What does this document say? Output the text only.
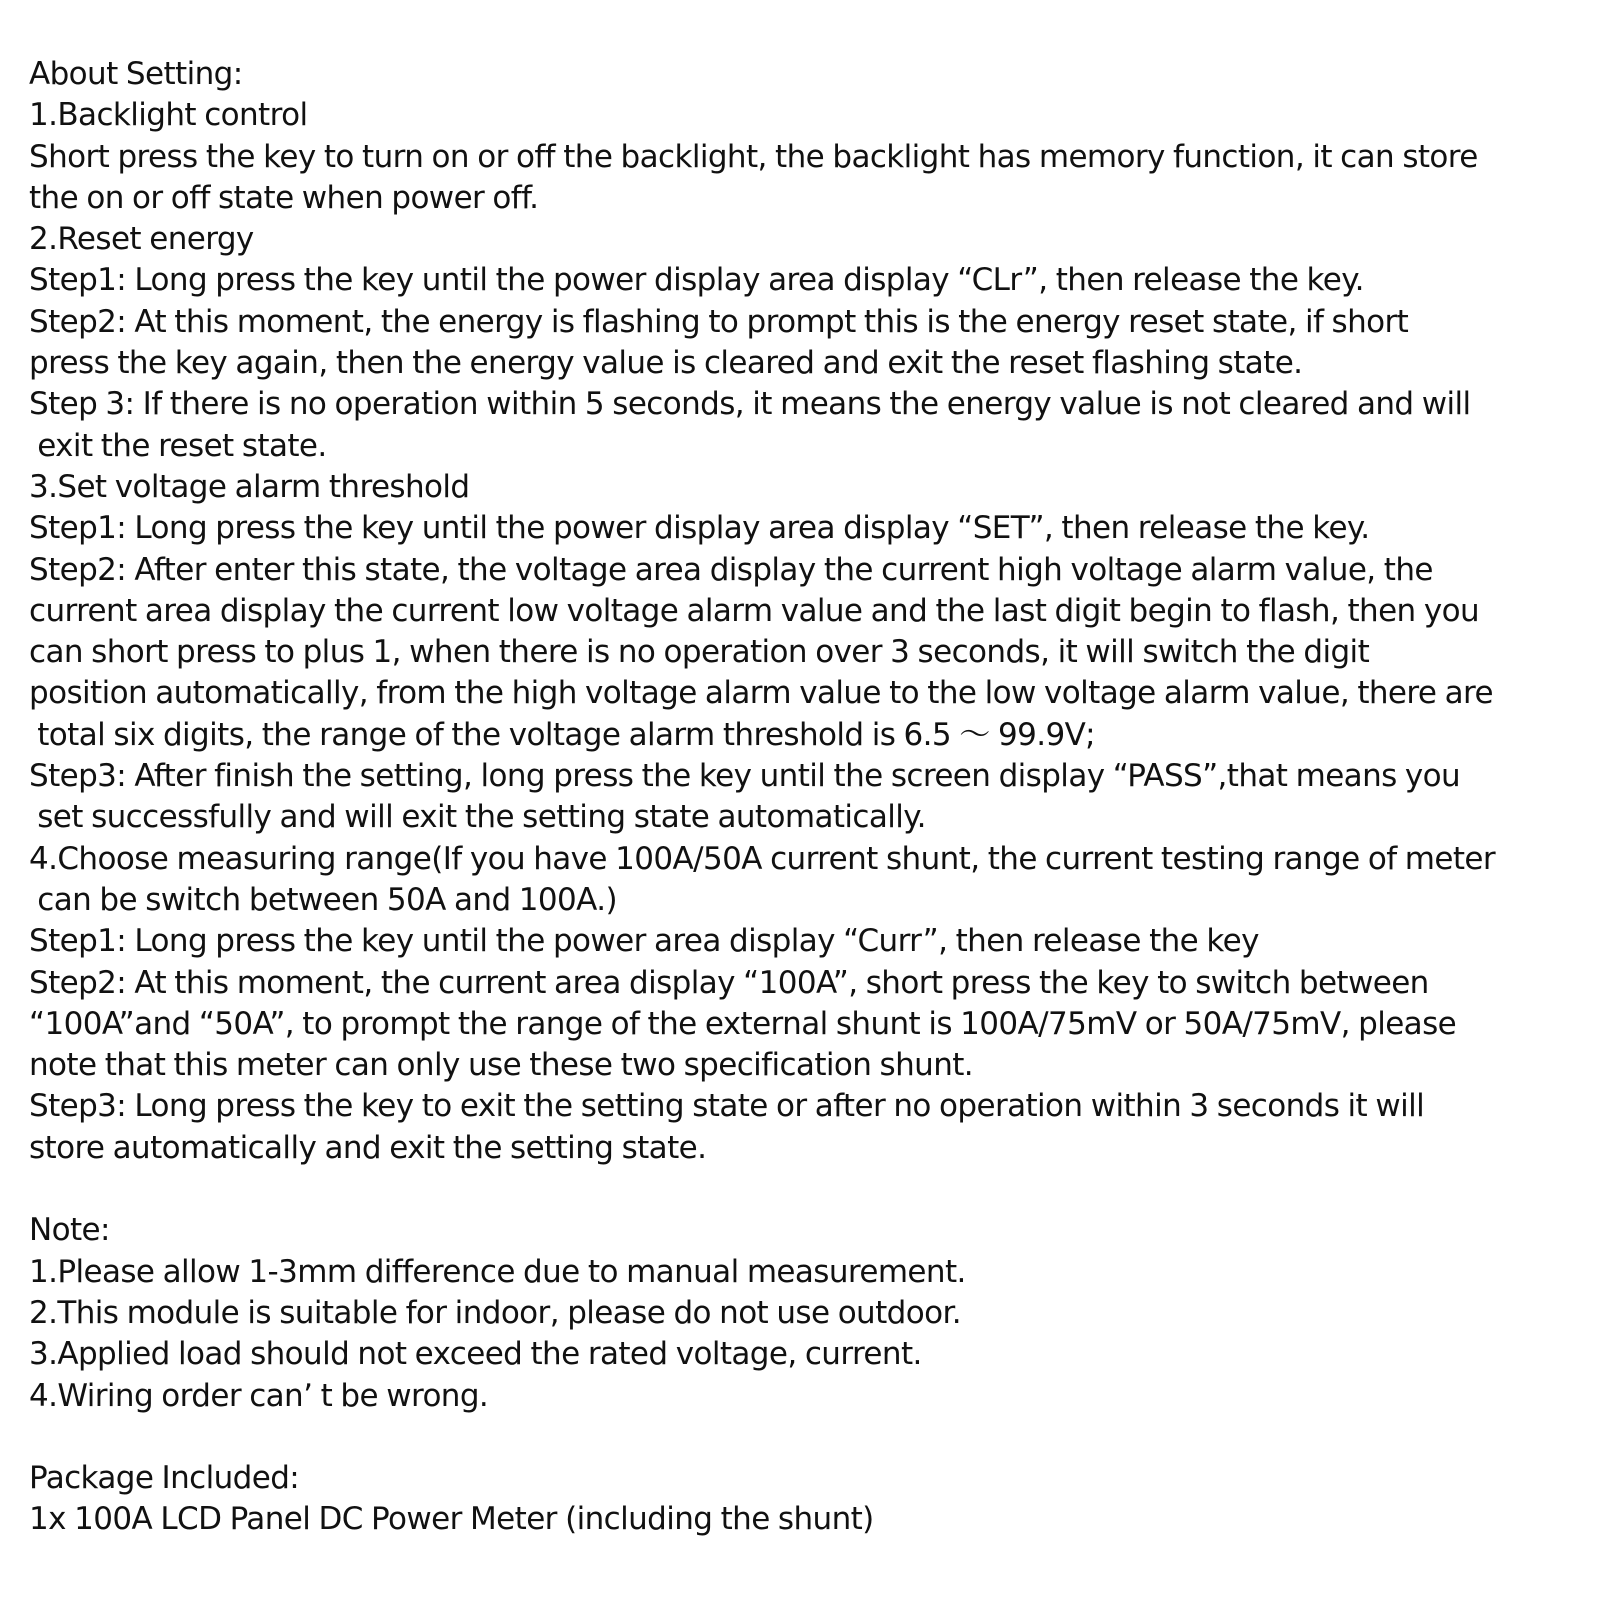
About Setting:
1.Backlight control
Short press the key to turn on or off the backlight, the backlight has memory function, it can store
the on or off state when power off.
2.Reset energy
Step1: Long press the key until the power display area display “CLr”, then release the key.
Step2: At this moment, the energy is flashing to prompt this is the energy reset state, if short
press the key again, then the energy value is cleared and exit the reset flashing state.
Step 3: If there is no operation within 5 seconds, it means the energy value is not cleared and will
exit the reset state.
3.Set voltage alarm threshold
Step1: Long press the key until the power display area display “SET”, then release the key.
Step2: After enter this state, the voltage area display the current high voltage alarm value, the
current area display the current low voltage alarm value and the last digit begin to flash, then you
can short press to plus 1, when there is no operation over 3 seconds, it will switch the digit
position automatically, from the high voltage alarm value to the low voltage alarm value, there are
total six digits, the range of the voltage alarm threshold is 6.5 ～ 99.9V;
Step3: After finish the setting, long press the key until the screen display “PASS”,that means you
set successfully and will exit the setting state automatically.
4.Choose measuring range(If you have 100A/50A current shunt, the current testing range of meter
can be switch between 50A and 100A.)
Step1: Long press the key until the power area display “Curr”, then release the key
Step2: At this moment, the current area display “100A”, short press the key to switch between
“100A”and “50A”, to prompt the range of the external shunt is 100A/75mV or 50A/75mV, please
note that this meter can only use these two specification shunt.
Step3: Long press the key to exit the setting state or after no operation within 3 seconds it will
store automatically and exit the setting state.
Note:
1.Please allow 1-3mm difference due to manual measurement.
2.This module is suitable for indoor, please do not use outdoor.
3.Applied load should not exceed the rated voltage, current.
4.Wiring order can’ t be wrong.
Package Included:
1x 100A LCD Panel DC Power Meter (including the shunt)
